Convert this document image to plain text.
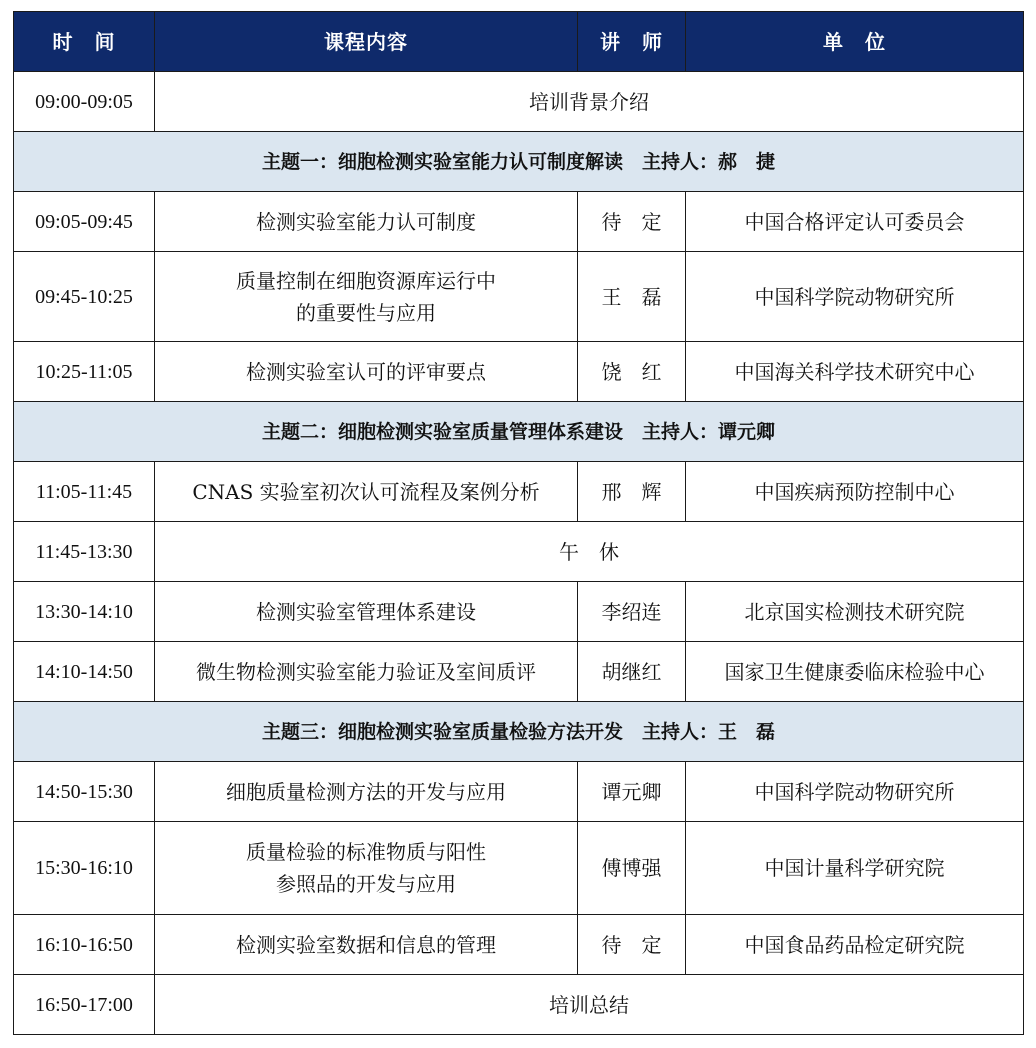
时　间	课程内容	讲　师	单　位
09:00-09:05	培训背景介绍		
主题一：细胞检测实验室能力认可制度解读　主持人：郝　捷			
09:05-09:45	检测实验室能力认可制度	待　定	中国合格评定认可委员会
09:45-10:25	质量控制在细胞资源库运行中
的重要性与应用	王　磊	中国科学院动物研究所
10:25-11:05	检测实验室认可的评审要点	饶　红	中国海关科学技术研究中心
主题二：细胞检测实验室质量管理体系建设　主持人：谭元卿			
11:05-11:45	CNAS 实验室初次认可流程及案例分析	邢　辉	中国疾病预防控制中心
11:45-13:30	午　休		
13:30-14:10	检测实验室管理体系建设	李绍连	北京国实检测技术研究院
14:10-14:50	微生物检测实验室能力验证及室间质评	胡继红	国家卫生健康委临床检验中心
主题三：细胞检测实验室质量检验方法开发　主持人：王　磊			
14:50-15:30	细胞质量检测方法的开发与应用	谭元卿	中国科学院动物研究所
15:30-16:10	质量检验的标准物质与阳性
参照品的开发与应用	傅博强	中国计量科学研究院
16:10-16:50	检测实验室数据和信息的管理	待　定	中国食品药品检定研究院
16:50-17:00	培训总结		
